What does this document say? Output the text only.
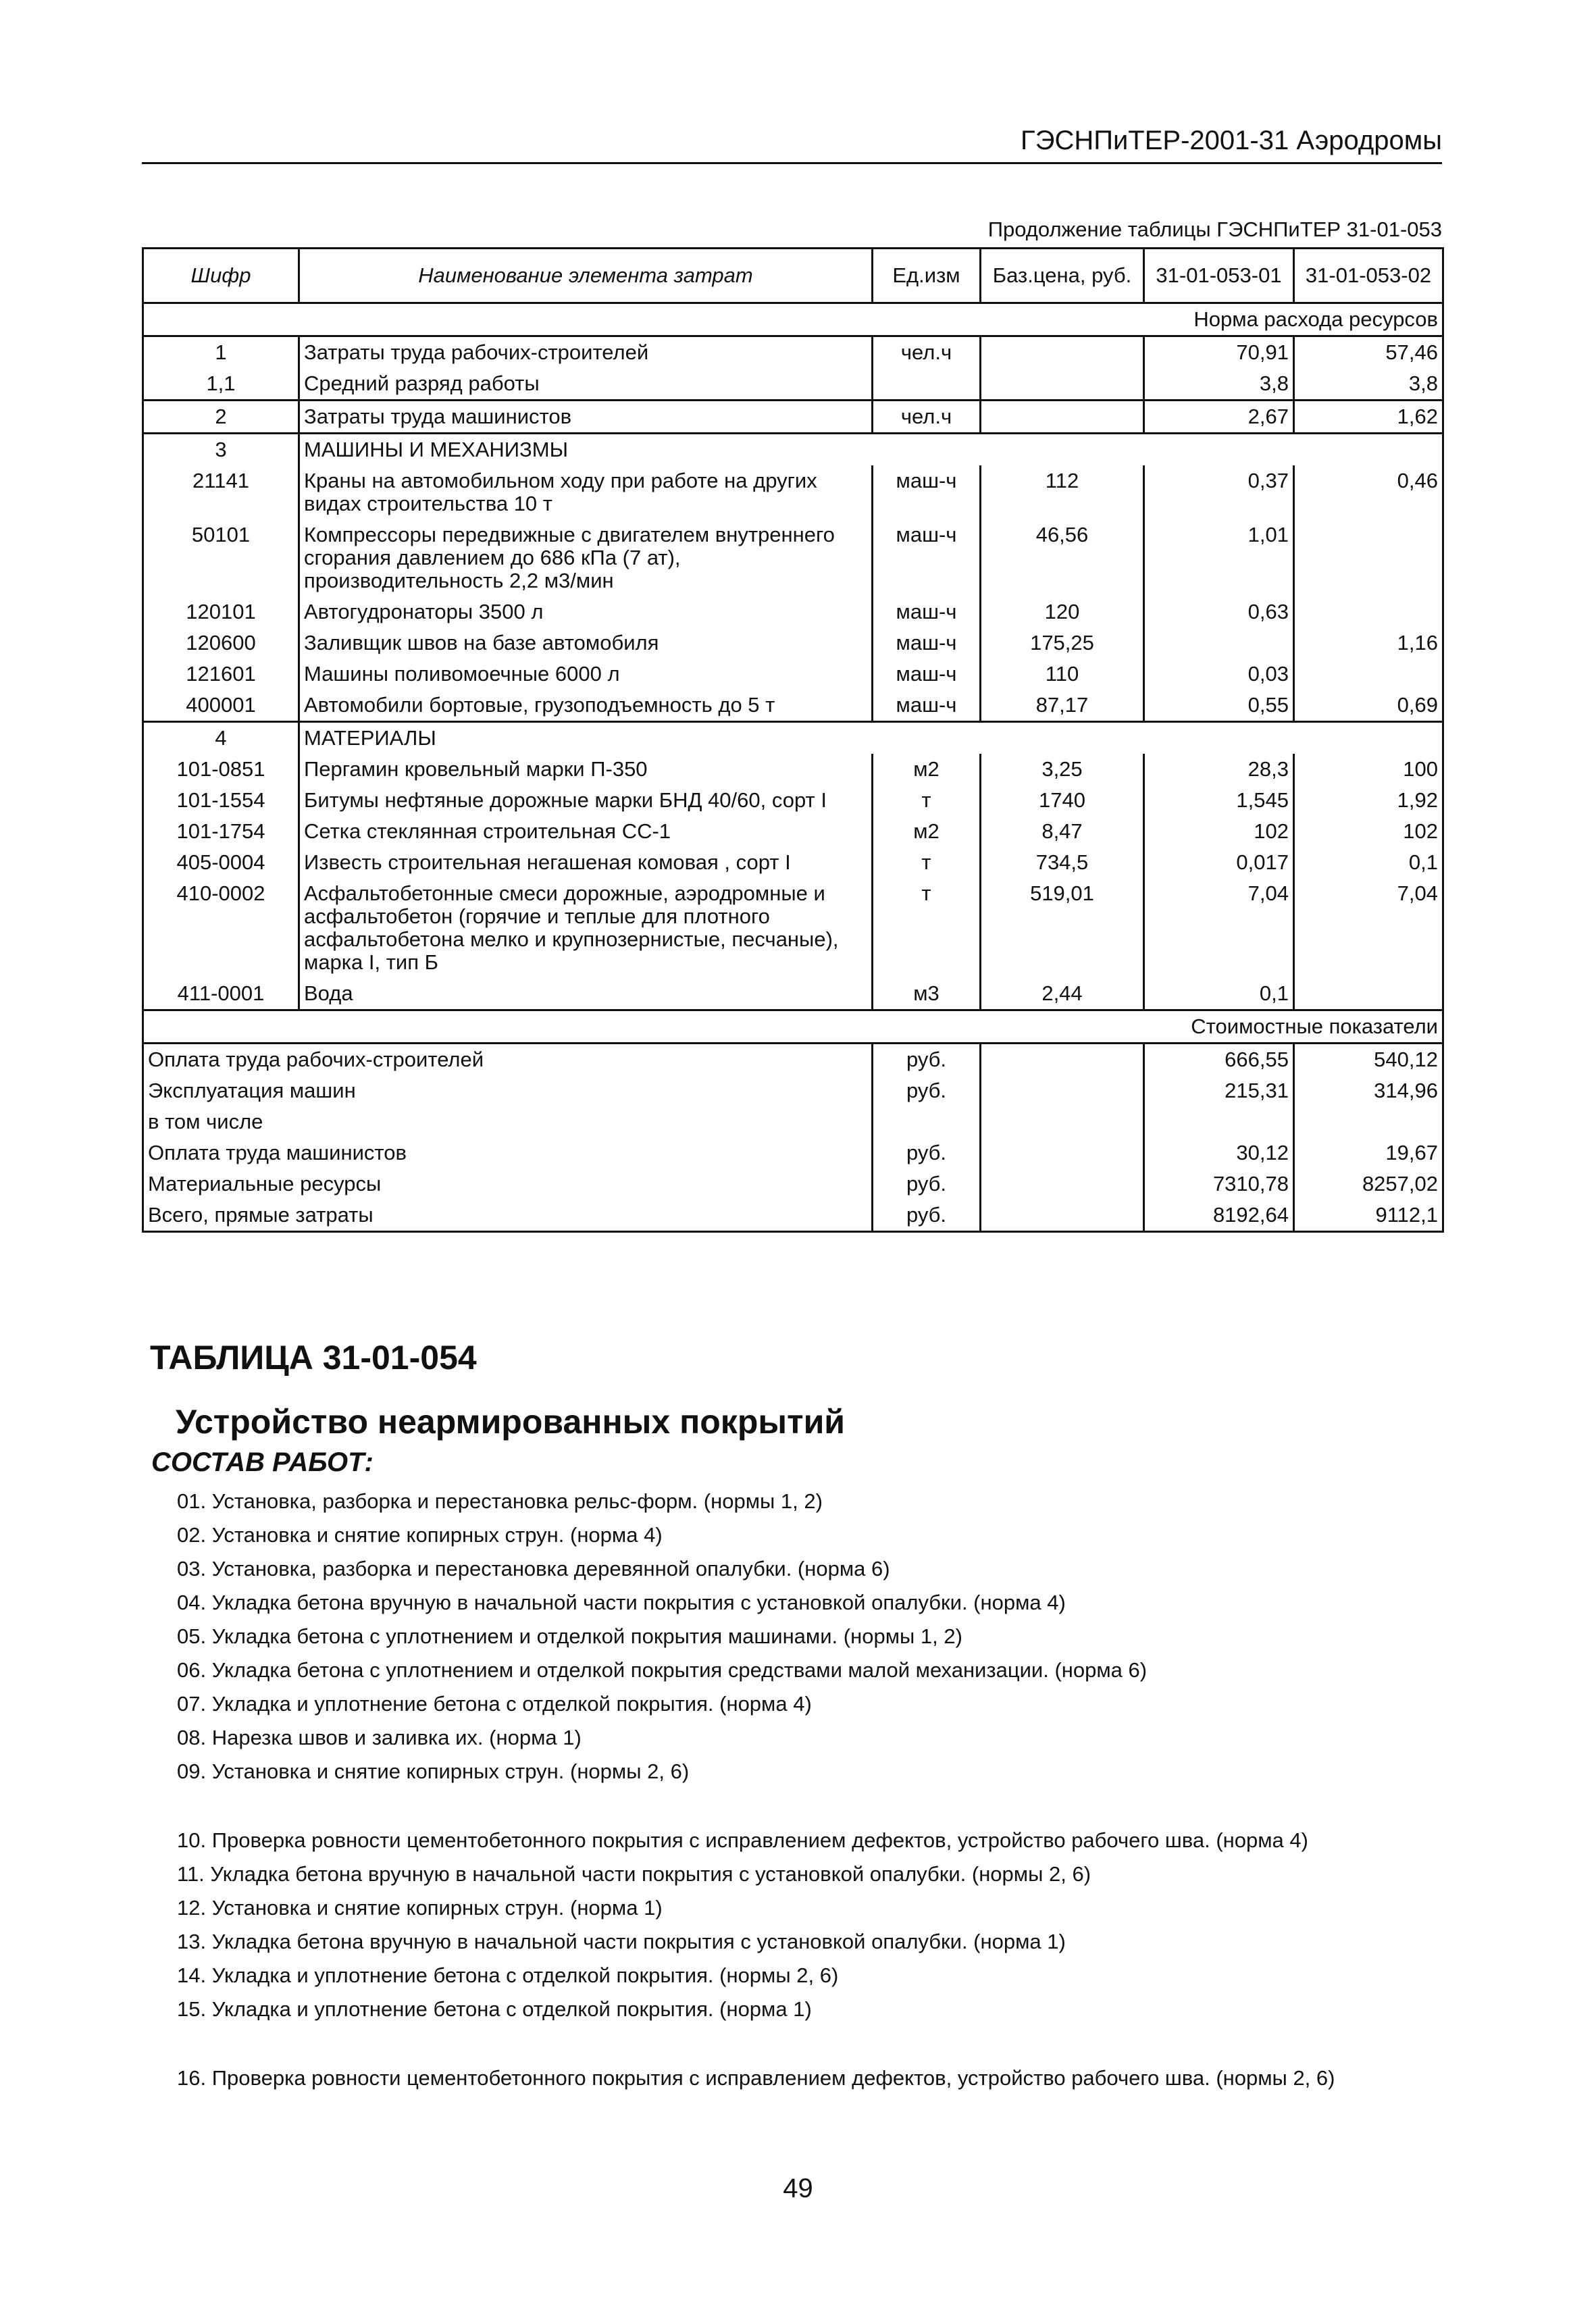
ГЭСНПиТЕР-2001-31 Аэродромы
Продолжение таблицы ГЭСНПиТЕР 31-01-053
Шифр	Наименование элемента затрат	Ед.изм	Баз.цена, руб.	31-01-053-01	31-01-053-02
Норма расхода ресурсов					
1	Затраты труда рабочих-строителей	чел.ч		70,91	57,46
1,1	Средний разряд работы			3,8	3,8
2	Затраты труда машинистов	чел.ч		2,67	1,62
3	МАШИНЫ И МЕХАНИЗМЫ				
21141	Краны на автомобильном ходу при работе на других видах строительства 10 т	маш-ч	112	0,37	0,46
50101	Компрессоры передвижные с двигателем внутреннего сгорания давлением до 686 кПа (7 ат), производительность 2,2 м3/мин	маш-ч	46,56	1,01	
120101	Автогудронаторы 3500 л	маш-ч	120	0,63	
120600	Заливщик швов на базе автомобиля	маш-ч	175,25		1,16
121601	Машины поливомоечные 6000 л	маш-ч	110	0,03	
400001	Автомобили бортовые, грузоподъемность до 5 т	маш-ч	87,17	0,55	0,69
4	МАТЕРИАЛЫ				
101-0851	Пергамин кровельный марки П-350	м2	3,25	28,3	100
101-1554	Битумы нефтяные дорожные марки БНД 40/60, сорт I	т	1740	1,545	1,92
101-1754	Сетка стеклянная строительная СС-1	м2	8,47	102	102
405-0004	Известь строительная негашеная комовая , сорт I	т	734,5	0,017	0,1
410-0002	Асфальтобетонные смеси дорожные, аэродромные и асфальтобетон (горячие и теплые для плотного асфальтобетона мелко и крупнозернистые, песчаные), марка I, тип Б	т	519,01	7,04	7,04
411-0001	Вода	м3	2,44	0,1	
Стоимостные показатели					
Оплата труда рабочих-строителей		руб.		666,55	540,12
Эксплуатация машин		руб.		215,31	314,96
в том числе					
Оплата труда машинистов		руб.		30,12	19,67
Материальные ресурсы		руб.		7310,78	8257,02
Всего, прямые затраты		руб.		8192,64	9112,1
ТАБЛИЦА 31-01-054
Устройство неармированных покрытий
СОСТАВ РАБОТ:
01. Установка, разборка и перестановка рельс-форм. (нормы 1, 2)
02. Установка и снятие копирных струн. (норма 4)
03. Установка, разборка и перестановка деревянной опалубки. (норма 6)
04. Укладка бетона вручную в начальной части покрытия с установкой опалубки. (норма 4)
05. Укладка бетона с уплотнением и отделкой покрытия машинами. (нормы 1, 2)
06. Укладка бетона с уплотнением и отделкой покрытия средствами малой механизации. (норма 6)
07. Укладка и уплотнение бетона с отделкой покрытия. (норма 4)
08. Нарезка швов и заливка их. (норма 1)
09. Установка и снятие копирных струн. (нормы 2, 6)
10. Проверка ровности цементобетонного покрытия с исправлением дефектов, устройство рабочего шва. (норма 4)
11. Укладка бетона вручную в начальной части покрытия с установкой опалубки. (нормы 2, 6)
12. Установка и снятие копирных струн. (норма 1)
13. Укладка бетона вручную в начальной части покрытия с установкой опалубки. (норма 1)
14. Укладка и уплотнение бетона с отделкой покрытия. (нормы 2, 6)
15. Укладка и уплотнение бетона с отделкой покрытия. (норма 1)
16. Проверка ровности цементобетонного покрытия с исправлением дефектов, устройство рабочего шва. (нормы 2, 6)
49
